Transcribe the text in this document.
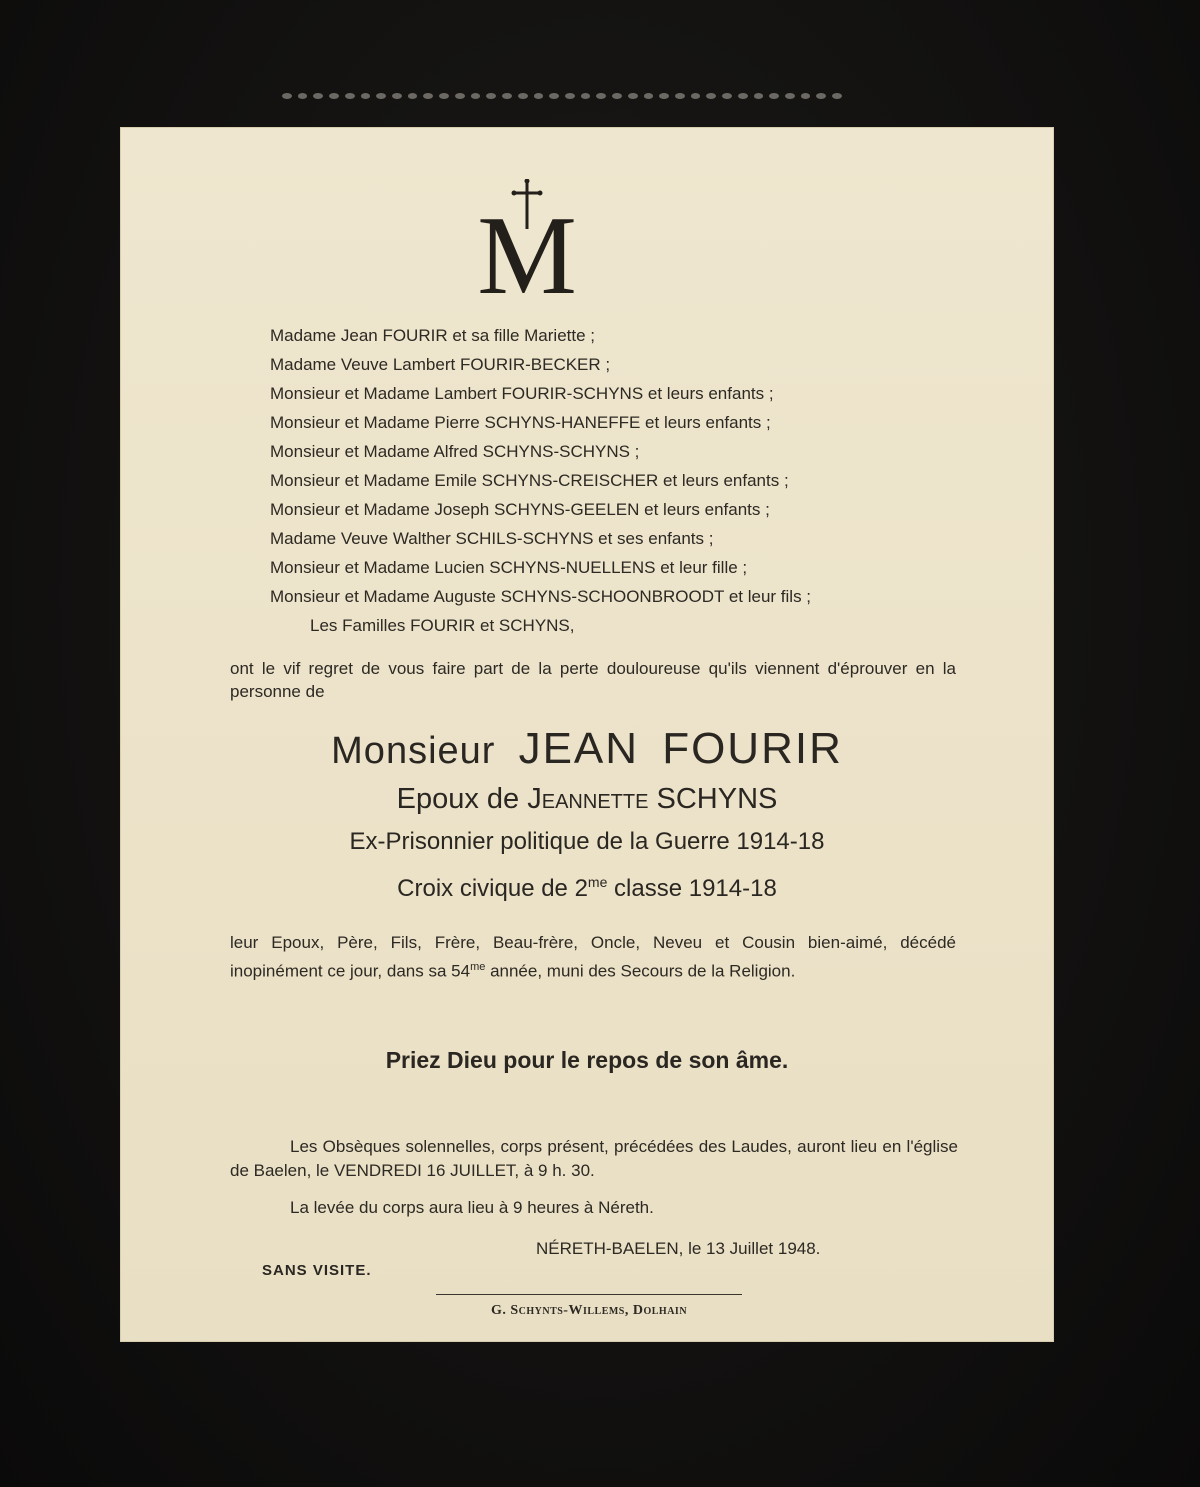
M
Madame Jean FOURIR et sa fille Mariette ;
Madame Veuve Lambert FOURIR-BECKER ;
Monsieur et Madame Lambert FOURIR-SCHYNS et leurs enfants ;
Monsieur et Madame Pierre SCHYNS-HANEFFE et leurs enfants ;
Monsieur et Madame Alfred SCHYNS-SCHYNS ;
Monsieur et Madame Emile SCHYNS-CREISCHER et leurs enfants ;
Monsieur et Madame Joseph SCHYNS-GEELEN et leurs enfants ;
Madame Veuve Walther SCHILS-SCHYNS et ses enfants ;
Monsieur et Madame Lucien SCHYNS-NUELLENS et leur fille ;
Monsieur et Madame Auguste SCHYNS-SCHOONBROODT et leur fils ;
Les Familles FOURIR et SCHYNS,
ont le vif regret de vous faire part de la perte douloureuse qu'ils viennent d'éprouver en la personne de
Monsieur JEAN FOURIR
Epoux de Jeannette SCHYNS
Ex-Prisonnier politique de la Guerre 1914-18
Croix civique de $2^{me}$ classe 1914-18
leur Epoux, Père, Fils, Frère, Beau-frère, Oncle, Neveu et Cousin bien-aimé, décédé inopinément ce jour, dans sa $54^{me}$ année, muni des Secours de la Religion.
Priez Dieu pour le repos de son âme.
Les Obsèques solennelles, corps présent, précédées des Laudes, auront lieu en l'église de Baelen, le VENDREDI 16 JUILLET, à 9 h. 30.
La levée du corps aura lieu à 9 heures à Néreth.
NÉRETH-BAELEN, le 13 Juillet 1948.
SANS VISITE.
G. Schynts-Willems, Dolhain
